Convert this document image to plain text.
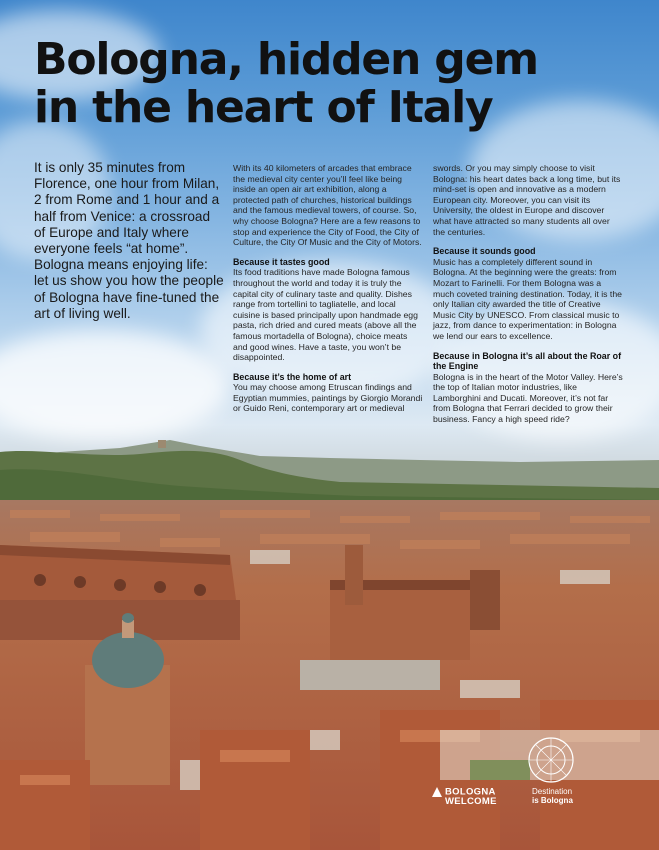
Bologna, hidden gem
in the heart of Italy

It is only 35 minutes from Florence, one hour from Milan, 2 from Rome and 1 hour and a half from Venice: a crossroad of Europe and Italy where everyone feels “at home”. Bologna means enjoying life: let us show you how the people of Bologna have fine-tuned the art of living well.

With its 40 kilometers of arcades that embrace the medieval city center you’ll feel like being inside an open air art exhibition, along a protected path of churches, historical buildings and the famous medieval towers, of course. So, why choose Bologna? Here are a few reasons to stop and experience the City of Food, the City of Culture, the City Of Music and the City of Motors.

Because it tastes good

Its food traditions have made Bologna famous throughout the world and today it is truly the capital city of culinary taste and quality. Dishes range from tortellini to tagliatelle, and local cuisine is based principally upon handmade egg pasta, rich dried and cured meats (above all the famous mortadella of Bologna), choice meats and good wines. Have a taste, you won’t be disappointed.

Because it’s the home of art

You may choose among Etruscan findings and Egyptian mummies, paintings by Giorgio Morandi or Guido Reni, contemporary art or medieval

swords. Or you may simply choose to visit Bologna: his heart dates back a long time, but its mind-set is open and innovative as a modern European city. Moreover, you can visit its University, the oldest in Europe and discover what have attracted so many students all over the centuries.

Because it sounds good

Music has a completely different sound in Bologna. At the beginning were the greats: from Mozart to Farinelli. For them Bologna was a much coveted training destination. Today, it is the only Italian city awarded the title of Creative Music City by UNESCO. From classical music to jazz, from dance to experimentation: in Bologna we lend our ears to excellence.

Because in Bologna it’s all about the Roar of the Engine

Bologna is in the heart of the Motor Valley. Here’s the top of Italian motor industries, like Lamborghini and Ducati. Moreover, it’s not far from Bologna that Ferrari decided to grow their business. Fancy a high speed ride?

BOLOGNA
WELCOME
Destination
is Bologna
